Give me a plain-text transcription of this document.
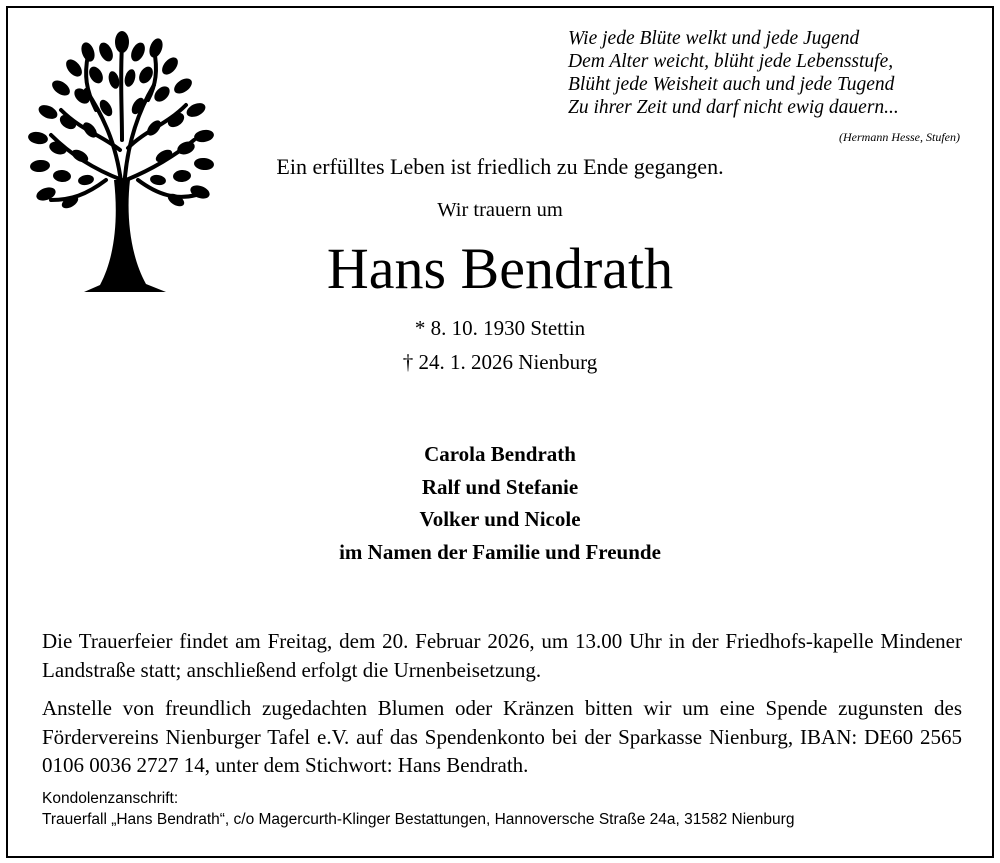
Wie jede Blüte welkt und jede Jugend
Dem Alter weicht, blüht jede Lebensstufe,
Blüht jede Weisheit auch und jede Tugend
Zu ihrer Zeit und darf nicht ewig dauern...
(Hermann Hesse, Stufen)
Ein erfülltes Leben ist friedlich zu Ende gegangen.
Wir trauern um
Hans Bendrath
* 8. 10. 1930 Stettin
† 24. 1. 2026 Nienburg
Carola Bendrath
Ralf und Stefanie
Volker und Nicole
im Namen der Familie und Freunde
Die Trauerfeier findet am Freitag, dem 20. Februar 2026, um 13.00 Uhr in der Friedhofs-kapelle Mindener Landstraße statt; anschließend erfolgt die Urnenbeisetzung.
Anstelle von freundlich zugedachten Blumen oder Kränzen bitten wir um eine Spende zugunsten des Fördervereins Nienburger Tafel e.V. auf das Spendenkonto bei der Sparkasse Nienburg, IBAN: DE60 2565 0106 0036 2727 14, unter dem Stichwort: Hans Bendrath.
Kondolenzanschrift:
Trauerfall „Hans Bendrath“, c/o Magercurth-Klinger Bestattungen, Hannoversche Straße 24a, 31582 Nienburg
